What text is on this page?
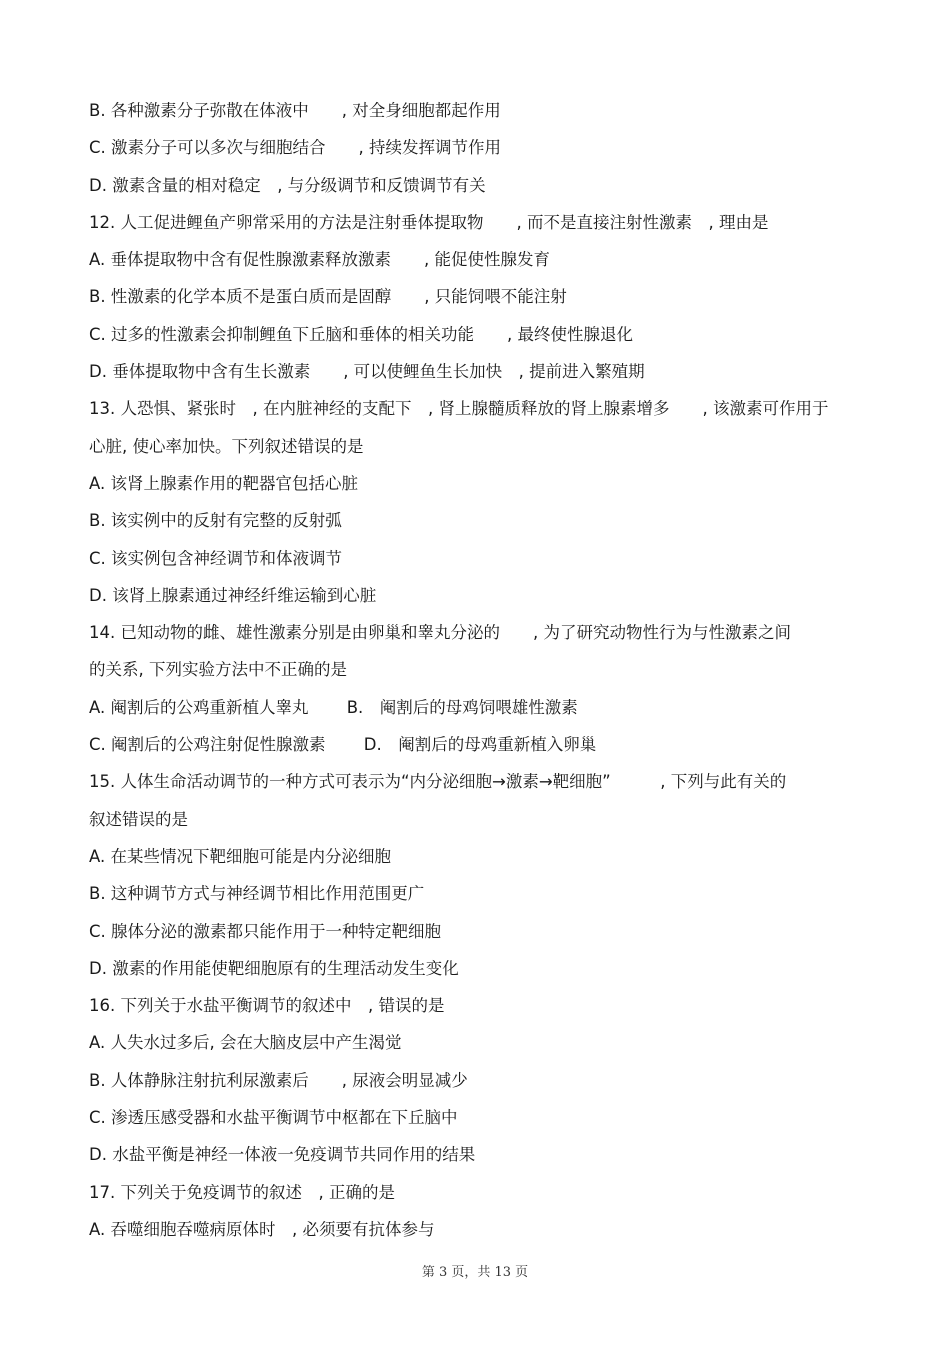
B. 各种激素分子弥散在体液中　　, 对全身细胞都起作用
C. 激素分子可以多次与细胞结合　　, 持续发挥调节作用
D. 激素含量的相对稳定　, 与分级调节和反馈调节有关
12. 人工促进鲤鱼产卵常采用的方法是注射垂体提取物　　, 而不是直接注射性激素　, 理由是
A. 垂体提取物中含有促性腺激素释放激素　　, 能促使性腺发育
B. 性激素的化学本质不是蛋白质而是固醇　　, 只能饲喂不能注射
C. 过多的性激素会抑制鲤鱼下丘脑和垂体的相关功能　　, 最终使性腺退化
D. 垂体提取物中含有生长激素　　, 可以使鲤鱼生长加快　, 提前进入繁殖期
13. 人恐惧、紧张时　, 在内脏神经的支配下　, 肾上腺髓质释放的肾上腺素增多　　, 该激素可作用于
心脏, 使心率加快。下列叙述错误的是
A. 该肾上腺素作用的靶器官包括心脏
B. 该实例中的反射有完整的反射弧
C. 该实例包含神经调节和体液调节
D. 该肾上腺素通过神经纤维运输到心脏
14. 已知动物的雌、雄性激素分别是由卵巢和睾丸分泌的　　, 为了研究动物性行为与性激素之间
的关系, 下列实验方法中不正确的是
A. 阉割后的公鸡重新植人睾丸　　 B.　阉割后的母鸡饲喂雄性激素
C. 阉割后的公鸡注射促性腺激素　　 D.　阉割后的母鸡重新植入卵巢
15. 人体生命活动调节的一种方式可表示为“内分泌细胞→激素→靶细胞”　　　, 下列与此有关的
叙述错误的是
A. 在某些情况下靶细胞可能是内分泌细胞
B. 这种调节方式与神经调节相比作用范围更广
C. 腺体分泌的激素都只能作用于一种特定靶细胞
D. 激素的作用能使靶细胞原有的生理活动发生变化
16. 下列关于水盐平衡调节的叙述中　, 错误的是
A. 人失水过多后, 会在大脑皮层中产生渴觉
B. 人体静脉注射抗利尿激素后　　, 尿液会明显减少
C. 渗透压感受器和水盐平衡调节中枢都在下丘脑中
D. 水盐平衡是神经一体液一免疫调节共同作用的结果
17. 下列关于免疫调节的叙述　, 正确的是
A. 吞噬细胞吞噬病原体时　, 必须要有抗体参与
第 3 页，共 13 页
